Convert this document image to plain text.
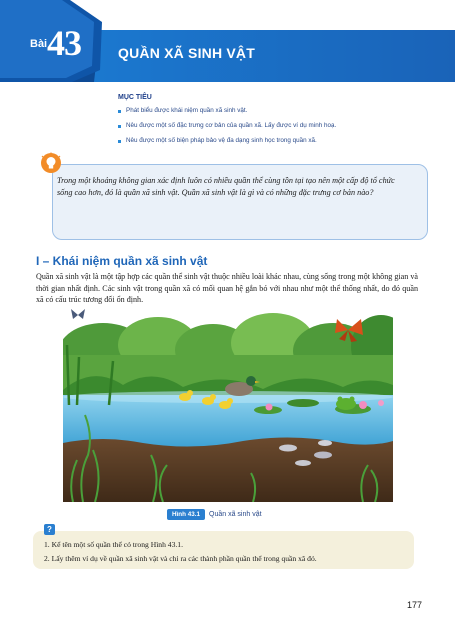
Bài 43	QUẦN XÃ SINH VẬT
MỤC TIÊU
Phát biểu được khái niệm quần xã sinh vật.
Nêu được một số đặc trưng cơ bản của quần xã. Lấy được ví dụ minh hoạ.
Nêu được một số biện pháp bảo vệ đa dạng sinh học trong quần xã.
Trong một khoảng không gian xác định luôn có nhiều quần thể cùng tồn tại tạo nên một cấp độ tổ chức sống cao hơn, đó là quần xã sinh vật. Quần xã sinh vật là gì và có những đặc trưng cơ bản nào?
I – Khái niệm quần xã sinh vật
Quần xã sinh vật là một tập hợp các quần thể sinh vật thuộc nhiều loài khác nhau, cùng sống trong một không gian và thời gian nhất định. Các sinh vật trong quần xã có mối quan hệ gắn bó với nhau như một thể thống nhất, do đó quần xã có cấu trúc tương đối ổn định.
Hình 43.1	Quần xã sinh vật
?
1. Kể tên một số quần thể có trong Hình 43.1.
2. Lấy thêm ví dụ về quần xã sinh vật và chỉ ra các thành phần quần thể trong quần xã đó.
177
